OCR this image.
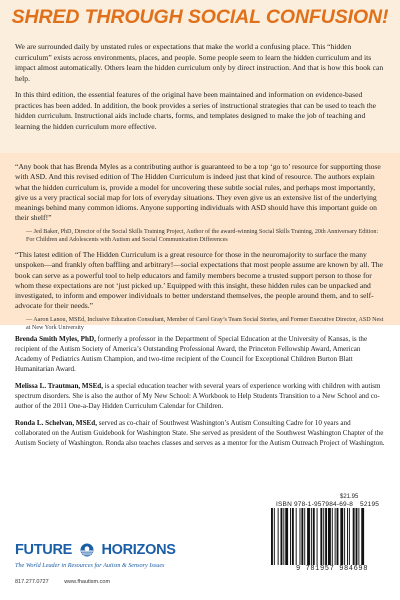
SHRED THROUGH SOCIAL CONFUSION!

We are surrounded daily by unstated rules or expectations that make the world a confusing place. This “hidden curriculum” exists across environments, places, and people. Some people seem to learn the hidden curriculum and its impact almost automatically. Others learn the hidden curriculum only by direct instruction. And that is how this book can help.

In this third edition, the essential features of the original have been maintained and information on evidence-based practices has been added. In addition, the book provides a series of instructional strategies that can be used to teach the hidden curriculum. Instructional aids include charts, forms, and templates designed to make the job of teaching and learning the hidden curriculum more effective.

“Any book that has Brenda Myles as a contributing author is guaranteed to be a top ‘go to’ resource for supporting those with ASD. And this revised edition of The Hidden Curriculum is indeed just that kind of resource. The authors explain what the hidden curriculum is, provide a model for uncovering these subtle social rules, and perhaps most importantly, give us a very practical social map for lots of everyday situations. They even give us an extensive list of the underlying meanings behind many common idioms. Anyone supporting individuals with ASD should have this important guide on their shelf!”

— Jed Baker, PhD, Director of the Social Skills Training Project, Author of the award-winning Social Skills Training, 20th Anniversary Edition: For Children and Adolescents with Autism and Social Communication Differences

“This latest edition of The Hidden Curriculum is a great resource for those in the neuromajority to surface the many unspoken—and frankly often baffling and arbitrary!—social expectations that most people assume are known by all. The book can serve as a powerful tool to help educators and family members become a trusted support person to those for whom these expectations are not ‘just picked up.’ Equipped with this insight, these hidden rules can be unpacked and investigated, to inform and empower individuals to better understand themselves, the people around them, and to self-advocate for their needs.”

— Aaron Lanou, MSEd, Inclusive Education Consultant, Member of Carol Gray’s Team Social Stories, and Former Executive Director, ASD Nest at New York University

Brenda Smith Myles, PhD, formerly a professor in the Department of Special Education at the University of Kansas, is the recipient of the Autism Society of America’s Outstanding Professional Award, the Princeton Fellowship Award, American Academy of Pediatrics Autism Champion, and two-time recipient of the Council for Exceptional Children Burton Blatt Humanitarian Award.

Melissa L. Trautman, MSEd, is a special education teacher with several years of experience working with children with autism spectrum disorders. She is also the author of My New School: A Workbook to Help Students Transition to a New School and co-author of the 2011 One-a-Day Hidden Curriculum Calendar for Children.

Ronda L. Schelvan, MSEd, served as co-chair of Southwest Washington’s Autism Consulting Cadre for 10 years and collaborated on the Autism Guidebook for Washington State. She served as president of the Southwest Washington Chapter of the Autism Society of Washington. Ronda also teaches classes and serves as a mentor for the Autism Outreach Project of Washington.

FUTURE HORIZONS
The World Leader in Resources for Autism & Sensory Issues
817.277.0727	www.fhautism.com
$21.95
ISBN 978-1-957984-69-8 52195
9 781957 984698
